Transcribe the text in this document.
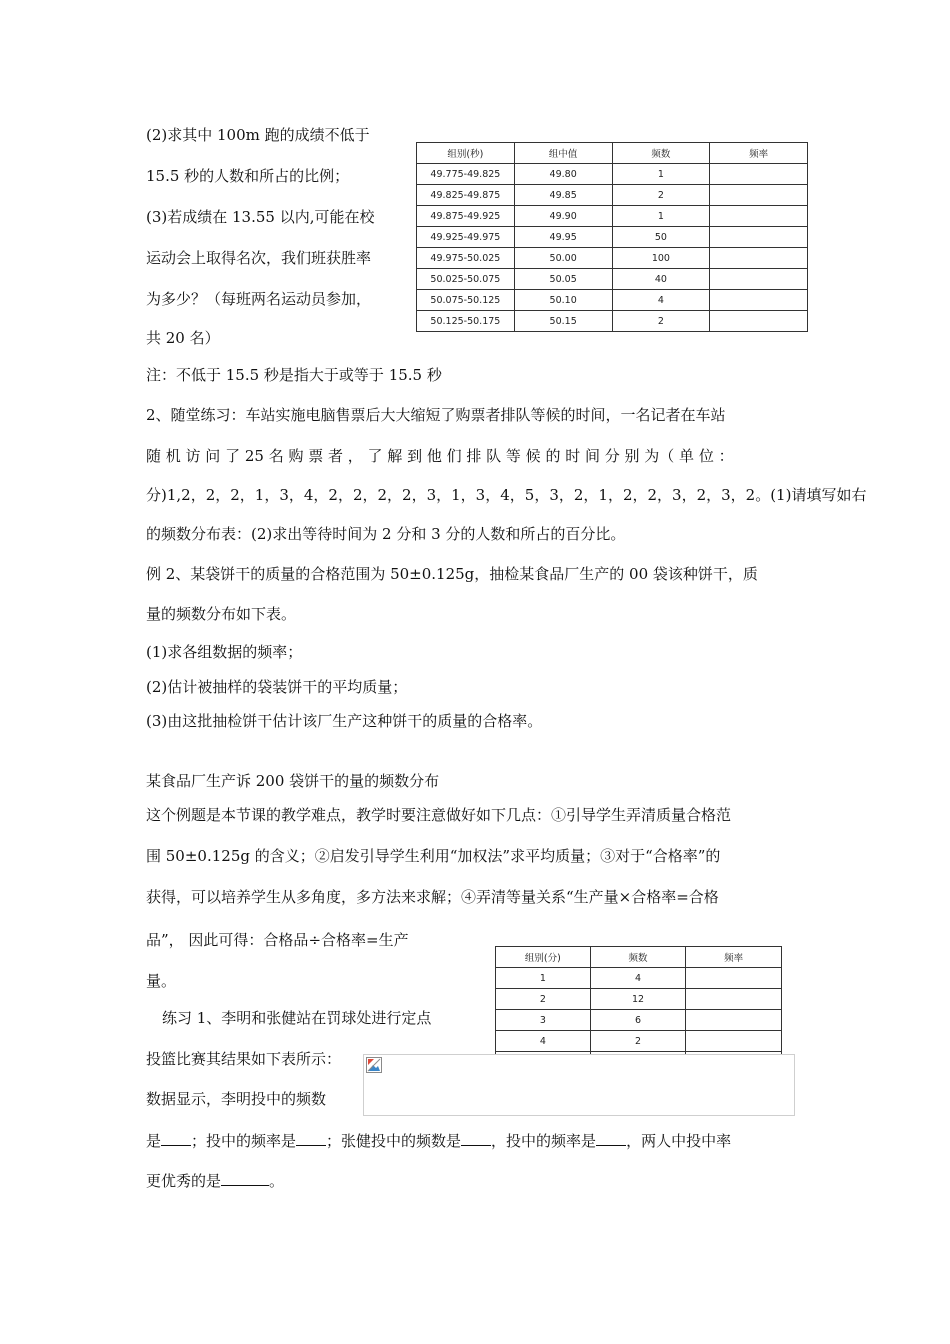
(2)求其中 100m 跑的成绩不低于
15.5 秒的人数和所占的比例；
(3)若成绩在 13.55 以内,可能在校
运动会上取得名次，我们班获胜率
为多少？（每班两名运动员参加，
共 20 名）
组别(秒)	组中值	频数	频率
49.775-49.825	49.80	1	
49.825-49.875	49.85	2	
49.875-49.925	49.90	1	
49.925-49.975	49.95	50	
49.975-50.025	50.00	100	
50.025-50.075	50.05	40	
50.075-50.125	50.10	4	
50.125-50.175	50.15	2	
注：不低于 15.5 秒是指大于或等于 15.5 秒
2、随堂练习：车站实施电脑售票后大大缩短了购票者排队等候的时间，一名记者在车站
随 机 访 问 了 25 名 购 票 者 ， 了 解 到 他 们 排 队 等 候 的 时 间 分 别 为（ 单 位 ：
分)1,2，2，2，1，3，4，2，2，2，2，3，1，3，4，5，3，2，1，2，2，3，2，3，2。(1)请填写如右
的频数分布表：(2)求出等待时间为 2 分和 3 分的人数和所占的百分比。
例 2、某袋饼干的质量的合格范围为 50±0.125g，抽检某食品厂生产的 00 袋该种饼干，质
量的频数分布如下表。
(1)求各组数据的频率；
(2)估计被抽样的袋装饼干的平均质量；
(3)由这批抽检饼干估计该厂生产这种饼干的质量的合格率。
某食品厂生产诉 200 袋饼干的量的频数分布
这个例题是本节课的教学难点，教学时要注意做好如下几点：①引导学生弄清质量合格范
围 50±0.125g 的含义；②启发引导学生利用“加权法”求平均质量；③对于“合格率”的
获得，可以培养学生从多角度，多方法来求解；④弄清等量关系“生产量×合格率=合格
品”， 因此可得：合格品÷合格率=生产
量。
组别(分)	频数	频率
1	4	
2	12	
3	6	
4	2	

练习 1、李明和张健站在罚球处进行定点
投篮比赛其结果如下表所示：
数据显示，李明投中的频数
是 ；投中的频率是 ；张健投中的频数是 ，投中的频率是 ，两人中投中率
更优秀的是	。
